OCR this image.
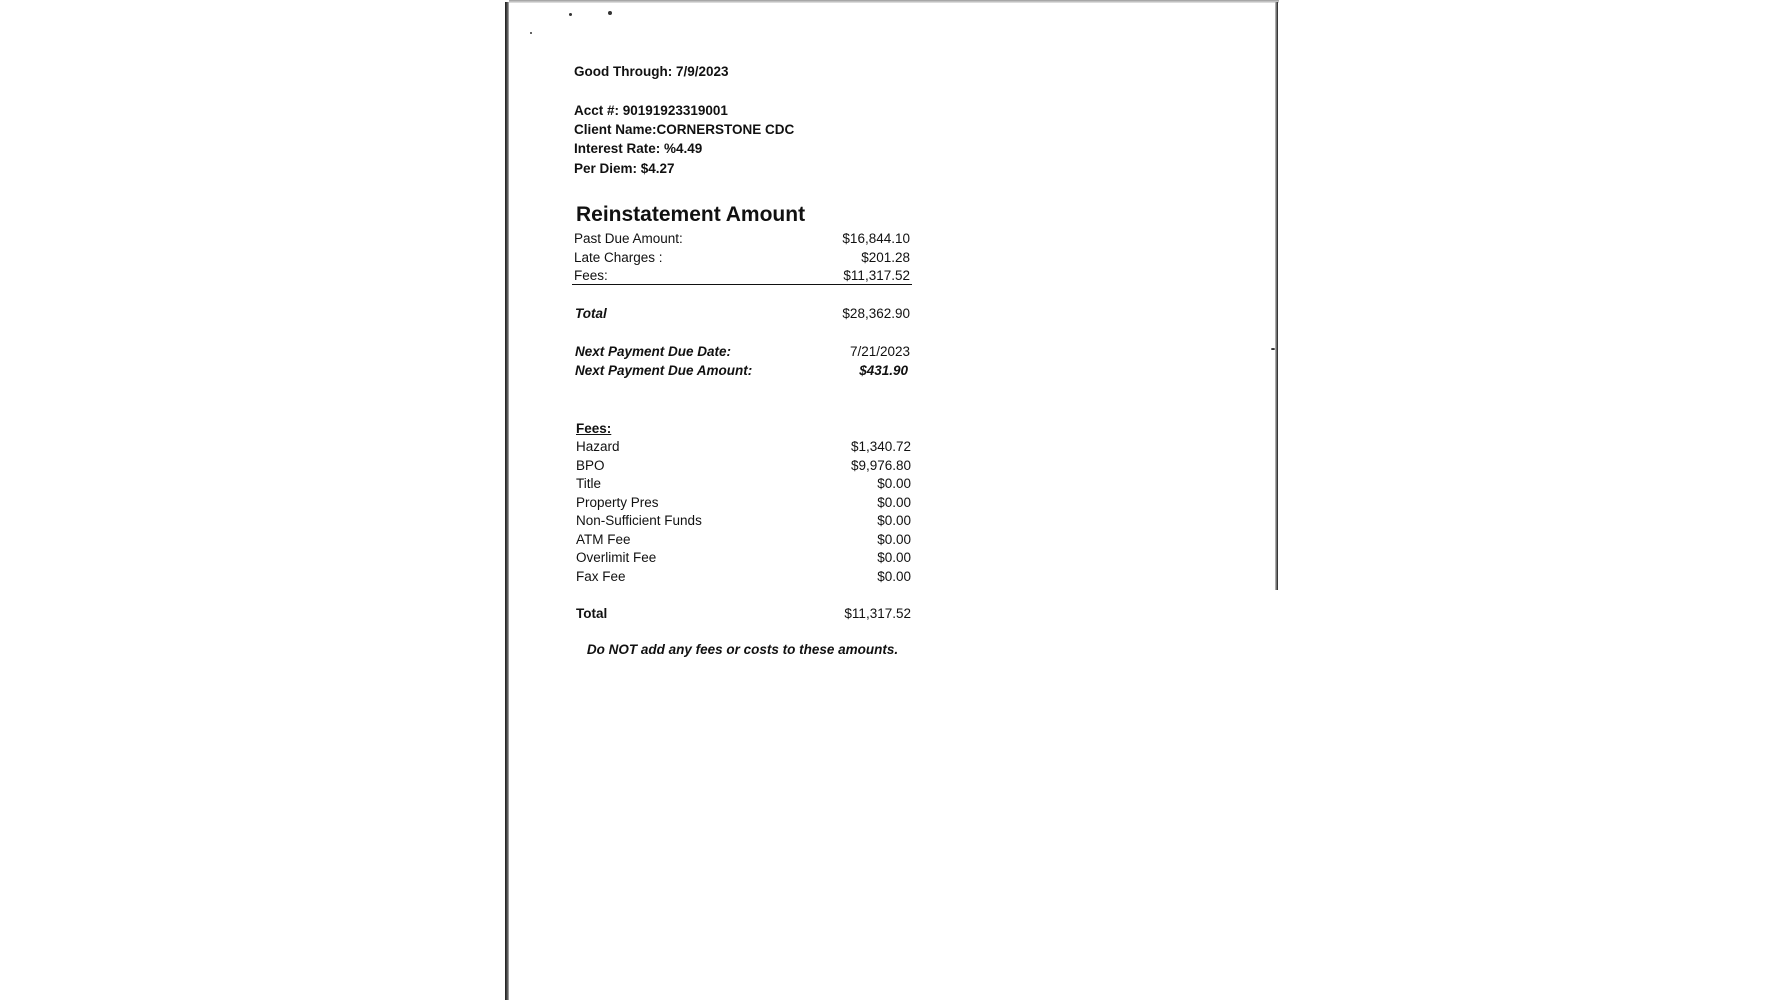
Good Through: 7/9/2023
Acct #: 90191923319001
Client Name:CORNERSTONE CDC
Interest Rate: %4.49
Per Diem: $4.27
Reinstatement Amount
Past Due Amount:	$16,844.10
Late Charges :	$201.28
Fees:	$11,317.52
Total	$28,362.90
Next Payment Due Date:	7/21/2023
Next Payment Due Amount:	$431.90
Fees:
Hazard	$1,340.72
BPO	$9,976.80
Title	$0.00
Property Pres	$0.00
Non-Sufficient Funds	$0.00
ATM Fee	$0.00
Overlimit Fee	$0.00
Fax Fee	$0.00
Total	$11,317.52
Do NOT add any fees or costs to these amounts.
